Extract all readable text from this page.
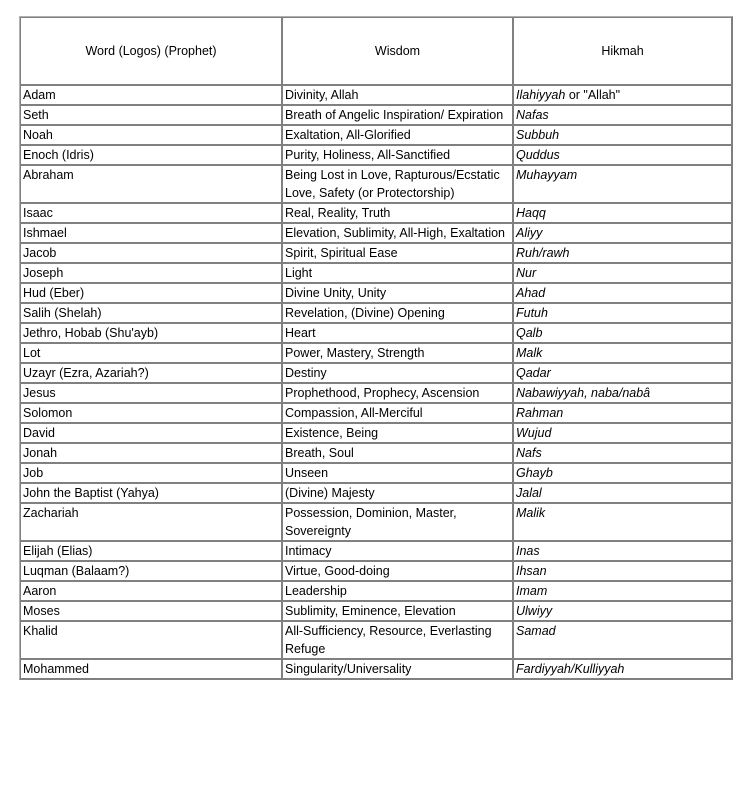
Word (Logos) (Prophet)	Wisdom	Hikmah
Adam	Divinity, Allah	Ilahiyyah or "Allah"
Seth	Breath of Angelic Inspiration/ Expiration	Nafas
Noah	Exaltation, All-Glorified	Subbuh
Enoch (Idris)	Purity, Holiness, All-Sanctified	Quddus
Abraham	Being Lost in Love, Rapturous/Ecstatic Love, Safety (or Protectorship)	Muhayyam
Isaac	Real, Reality, Truth	Haqq
Ishmael	Elevation, Sublimity, All-High, Exaltation	Aliyy
Jacob	Spirit, Spiritual Ease	Ruh/rawh
Joseph	Light	Nur
Hud (Eber)	Divine Unity, Unity	Ahad
Salih (Shelah)	Revelation, (Divine) Opening	Futuh
Jethro, Hobab (Shu'ayb)	Heart	Qalb
Lot	Power, Mastery, Strength	Malk
Uzayr (Ezra, Azariah?)	Destiny	Qadar
Jesus	Prophethood, Prophecy, Ascension	Nabawiyyah, naba/nabâ
Solomon	Compassion, All-Merciful	Rahman
David	Existence, Being	Wujud
Jonah	Breath, Soul	Nafs
Job	Unseen	Ghayb
John the Baptist (Yahya)	(Divine) Majesty	Jalal
Zachariah	Possession, Dominion, Master, Sovereignty	Malik
Elijah (Elias)	Intimacy	Inas
Luqman (Balaam?)	Virtue, Good-doing	Ihsan
Aaron	Leadership	Imam
Moses	Sublimity, Eminence, Elevation	Ulwiyy
Khalid	All-Sufficiency, Resource, Everlasting Refuge	Samad
Mohammed	Singularity/Universality	Fardiyyah/Kulliyyah
